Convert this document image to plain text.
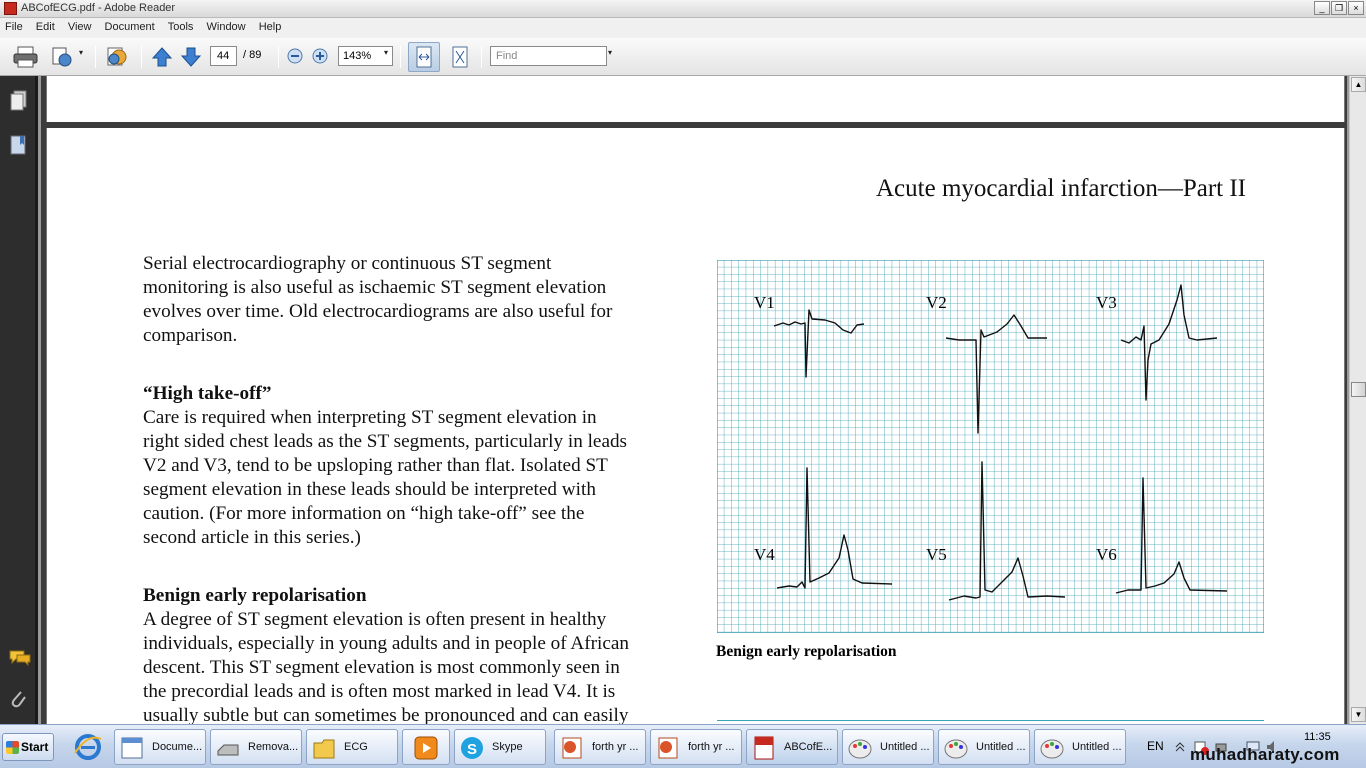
ABCofECG.pdf - Adobe Reader	_	❐	×
File Edit View Document Tools Window Help
▾	44	/ 89	143%	▾	Find	▾
Acute myocardial infarction—Part II
Serial electrocardiography or continuous ST segment
monitoring is also useful as ischaemic ST segment elevation
evolves over time. Old electrocardiograms are also useful for
comparison.
“High take-off”
Care is required when interpreting ST segment elevation in
right sided chest leads as the ST segments, particularly in leads
V2 and V3, tend to be upsloping rather than flat. Isolated ST
segment elevation in these leads should be interpreted with
caution. (For more information on “high take-off” see the
second article in this series.)
Benign early repolarisation
A degree of ST segment elevation is often present in healthy
individuals, especially in young adults and in people of African
descent. This ST segment elevation is most commonly seen in
the precordial leads and is often most marked in lead V4. It is
usually subtle but can sometimes be pronounced and can easily
V1	V2	V3
V4	V5	V6
Benign early repolarisation
▲
▼
Start	Docume...	Remova...	ECG	S Skype	forth yr ...	forth yr ...	ABCofE...	Untitled ...	Untitled ...	Untitled ...	EN
11:35
muhadharaty.com
